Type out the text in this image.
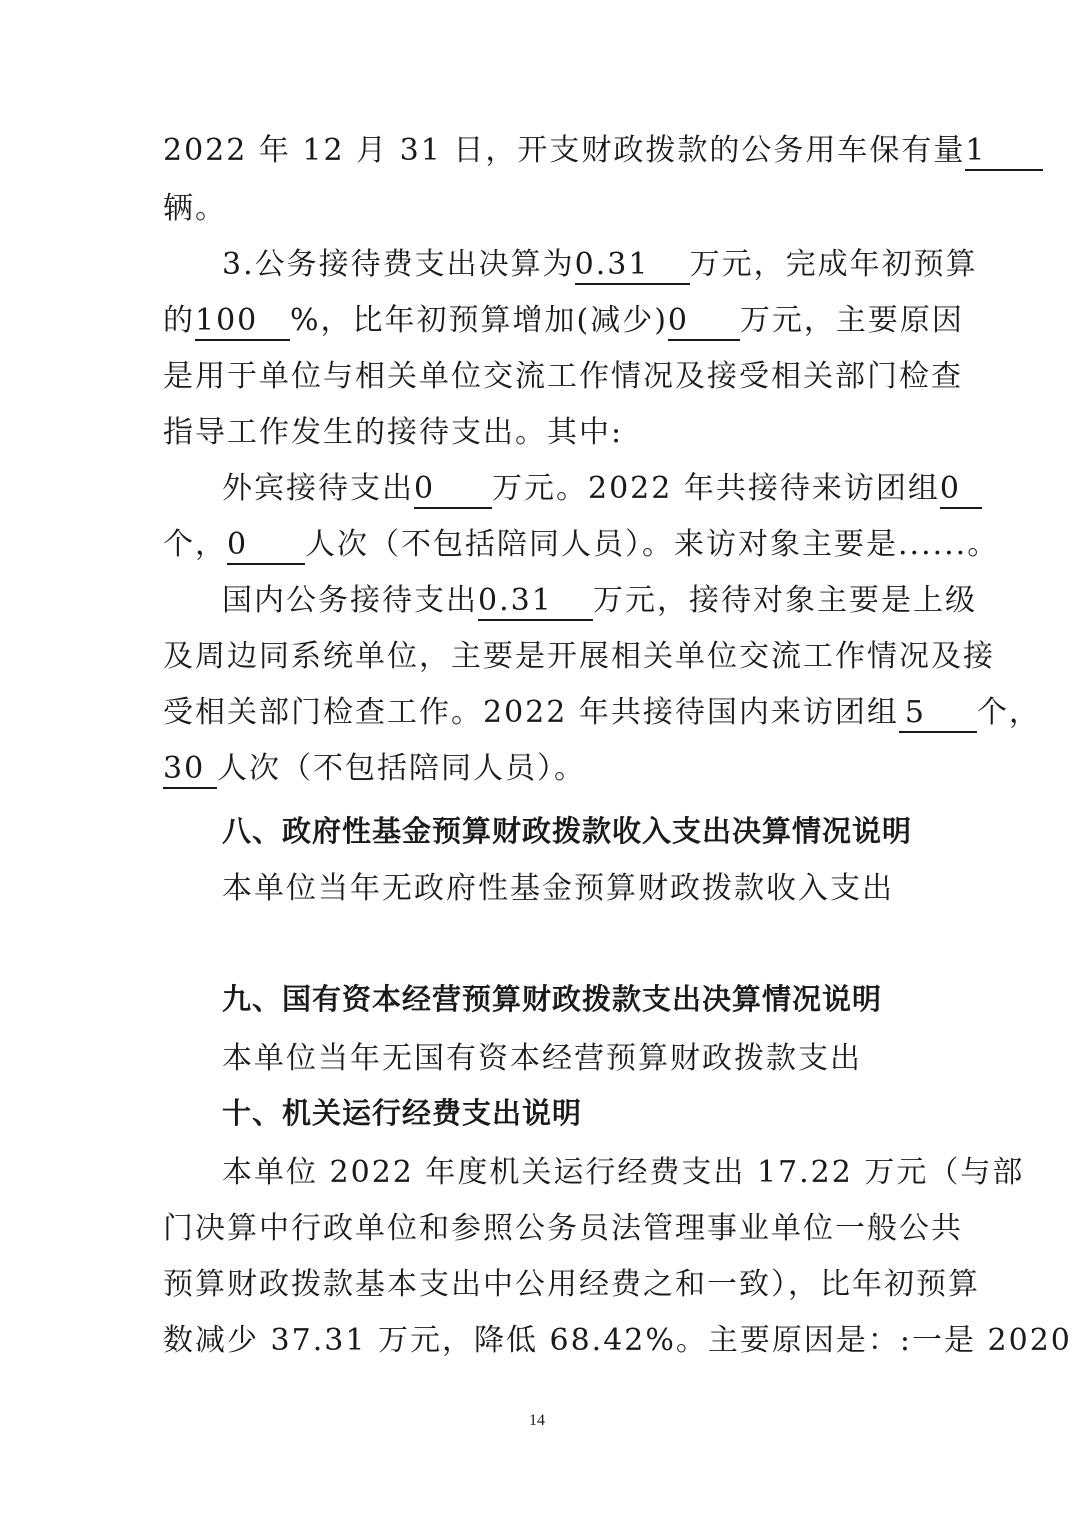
2022 年 12 月 31 日，开支财政拨款的公务用车保有量1
辆。
3.公务接待费支出决算为0.31 万元，完成年初预算
的100 %，比年初预算增加(减少)0 万元，主要原因
是用于单位与相关单位交流工作情况及接受相关部门检查
指导工作发生的接待支出。其中:
外宾接待支出0 万元。2022 年共接待来访团组0
个，0 人次（不包括陪同人员）。来访对象主要是......。
国内公务接待支出0.31 万元，接待对象主要是上级
及周边同系统单位，主要是开展相关单位交流工作情况及接
受相关部门检查工作。2022 年共接待国内来访团组 5 个，
30 人次（不包括陪同人员）。
八、政府性基金预算财政拨款收入支出决算情况说明
本单位当年无政府性基金预算财政拨款收入支出
九、国有资本经营预算财政拨款支出决算情况说明
本单位当年无国有资本经营预算财政拨款支出
十、机关运行经费支出说明
本单位 2022 年度机关运行经费支出 17.22 万元（与部
门决算中行政单位和参照公务员法管理事业单位一般公共
预算财政拨款基本支出中公用经费之和一致），比年初预算
数减少 37.31 万元，降低 68.42%。主要原因是：:一是 2020
14
